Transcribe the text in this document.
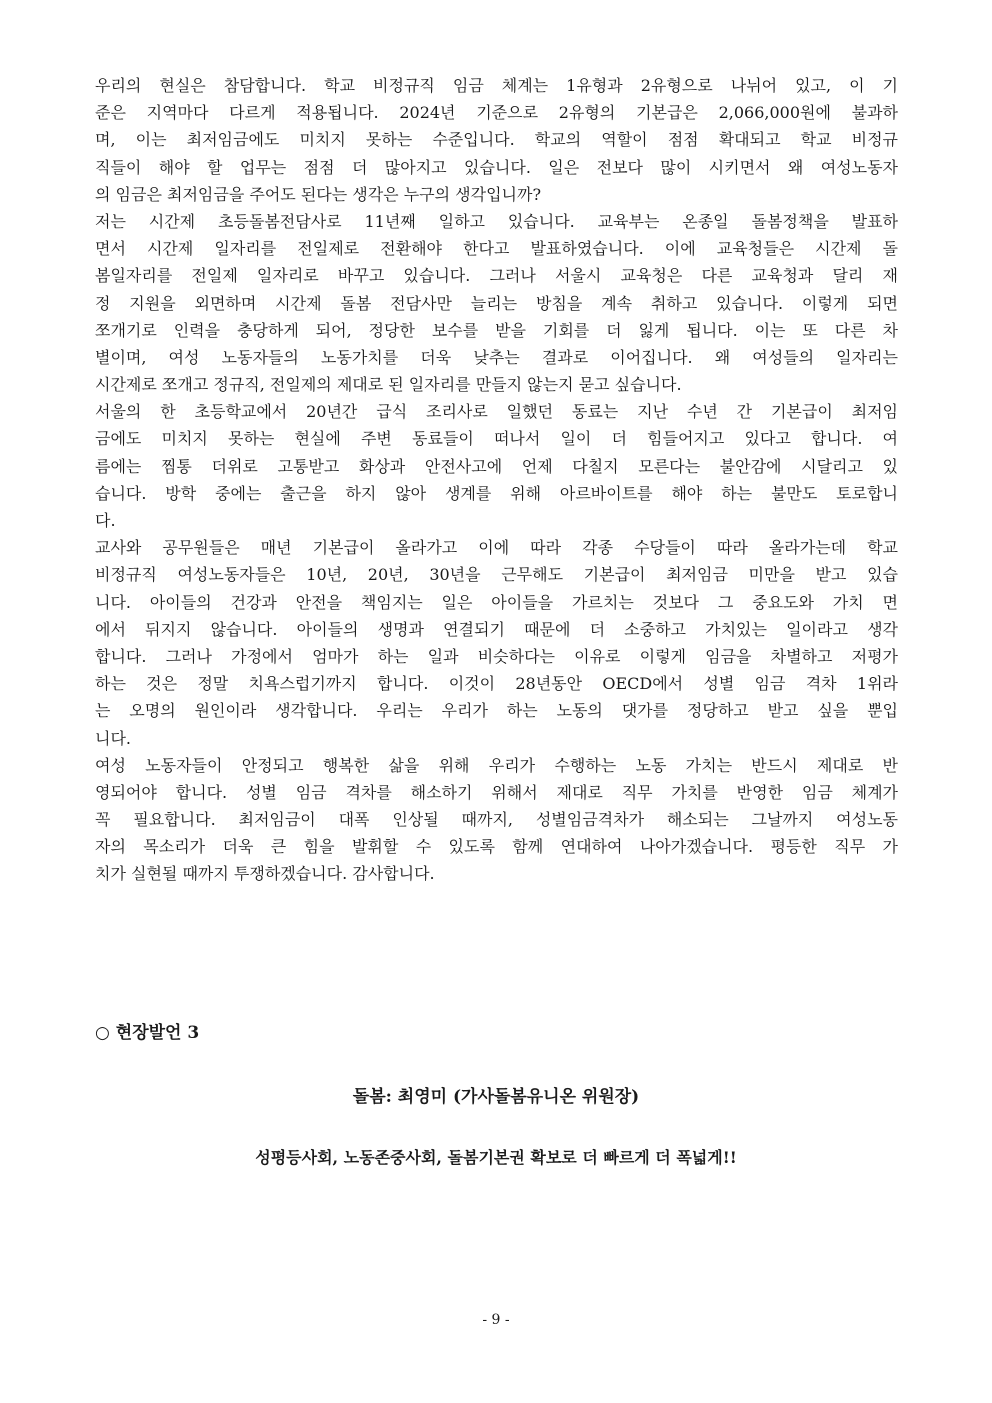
우리의 현실은 참담합니다. 학교 비정규직 임금 체계는 1유형과 2유형으로 나뉘어 있고, 이 기
준은 지역마다 다르게 적용됩니다. 2024년 기준으로 2유형의 기본급은 2,066,000원에 불과하
며, 이는 최저임금에도 미치지 못하는 수준입니다. 학교의 역할이 점점 확대되고 학교 비정규
직들이 해야 할 업무는 점점 더 많아지고 있습니다. 일은 전보다 많이 시키면서 왜 여성노동자
의 임금은 최저임금을 주어도 된다는 생각은 누구의 생각입니까?
저는 시간제 초등돌봄전담사로 11년째 일하고 있습니다. 교육부는 온종일 돌봄정책을 발표하
면서 시간제 일자리를 전일제로 전환해야 한다고 발표하였습니다. 이에 교육청들은 시간제 돌
봄일자리를 전일제 일자리로 바꾸고 있습니다. 그러나 서울시 교육청은 다른 교육청과 달리 재
정 지원을 외면하며 시간제 돌봄 전담사만 늘리는 방침을 계속 취하고 있습니다. 이렇게 되면
쪼개기로 인력을 충당하게 되어, 정당한 보수를 받을 기회를 더 잃게 됩니다. 이는 또 다른 차
별이며, 여성 노동자들의 노동가치를 더욱 낮추는 결과로 이어집니다. 왜 여성들의 일자리는
시간제로 쪼개고 정규직, 전일제의 제대로 된 일자리를 만들지 않는지 묻고 싶습니다.
서울의 한 초등학교에서 20년간 급식 조리사로 일했던 동료는 지난 수년 간 기본급이 최저임
금에도 미치지 못하는 현실에 주변 동료들이 떠나서 일이 더 힘들어지고 있다고 합니다. 여
름에는 찜통 더위로 고통받고 화상과 안전사고에 언제 다칠지 모른다는 불안감에 시달리고 있
습니다. 방학 중에는 출근을 하지 않아 생계를 위해 아르바이트를 해야 하는 불만도 토로합니
다.
교사와 공무원들은 매년 기본급이 올라가고 이에 따라 각종 수당들이 따라 올라가는데 학교
비정규직 여성노동자들은 10년, 20년, 30년을 근무해도 기본급이 최저임금 미만을 받고 있습
니다. 아이들의 건강과 안전을 책임지는 일은 아이들을 가르치는 것보다 그 중요도와 가치 면
에서 뒤지지 않습니다. 아이들의 생명과 연결되기 때문에 더 소중하고 가치있는 일이라고 생각
합니다. 그러나 가정에서 엄마가 하는 일과 비슷하다는 이유로 이렇게 임금을 차별하고 저평가
하는 것은 정말 치욕스럽기까지 합니다. 이것이 28년동안 OECD에서 성별 임금 격차 1위라
는 오명의 원인이라 생각합니다. 우리는 우리가 하는 노동의 댓가를 정당하고 받고 싶을 뿐입
니다.
여성 노동자들이 안정되고 행복한 삶을 위해 우리가 수행하는 노동 가치는 반드시 제대로 반
영되어야 합니다. 성별 임금 격차를 해소하기 위해서 제대로 직무 가치를 반영한 임금 체계가
꼭 필요합니다. 최저임금이 대폭 인상될 때까지, 성별임금격차가 해소되는 그날까지 여성노동
자의 목소리가 더욱 큰 힘을 발휘할 수 있도록 함께 연대하여 나아가겠습니다. 평등한 직무 가
치가 실현될 때까지 투쟁하겠습니다. 감사합니다.
○ 현장발언 3
돌봄: 최영미 (가사돌봄유니온 위원장)
성평등사회, 노동존중사회, 돌봄기본권 확보로 더 빠르게 더 폭넓게!!
- 9 -
